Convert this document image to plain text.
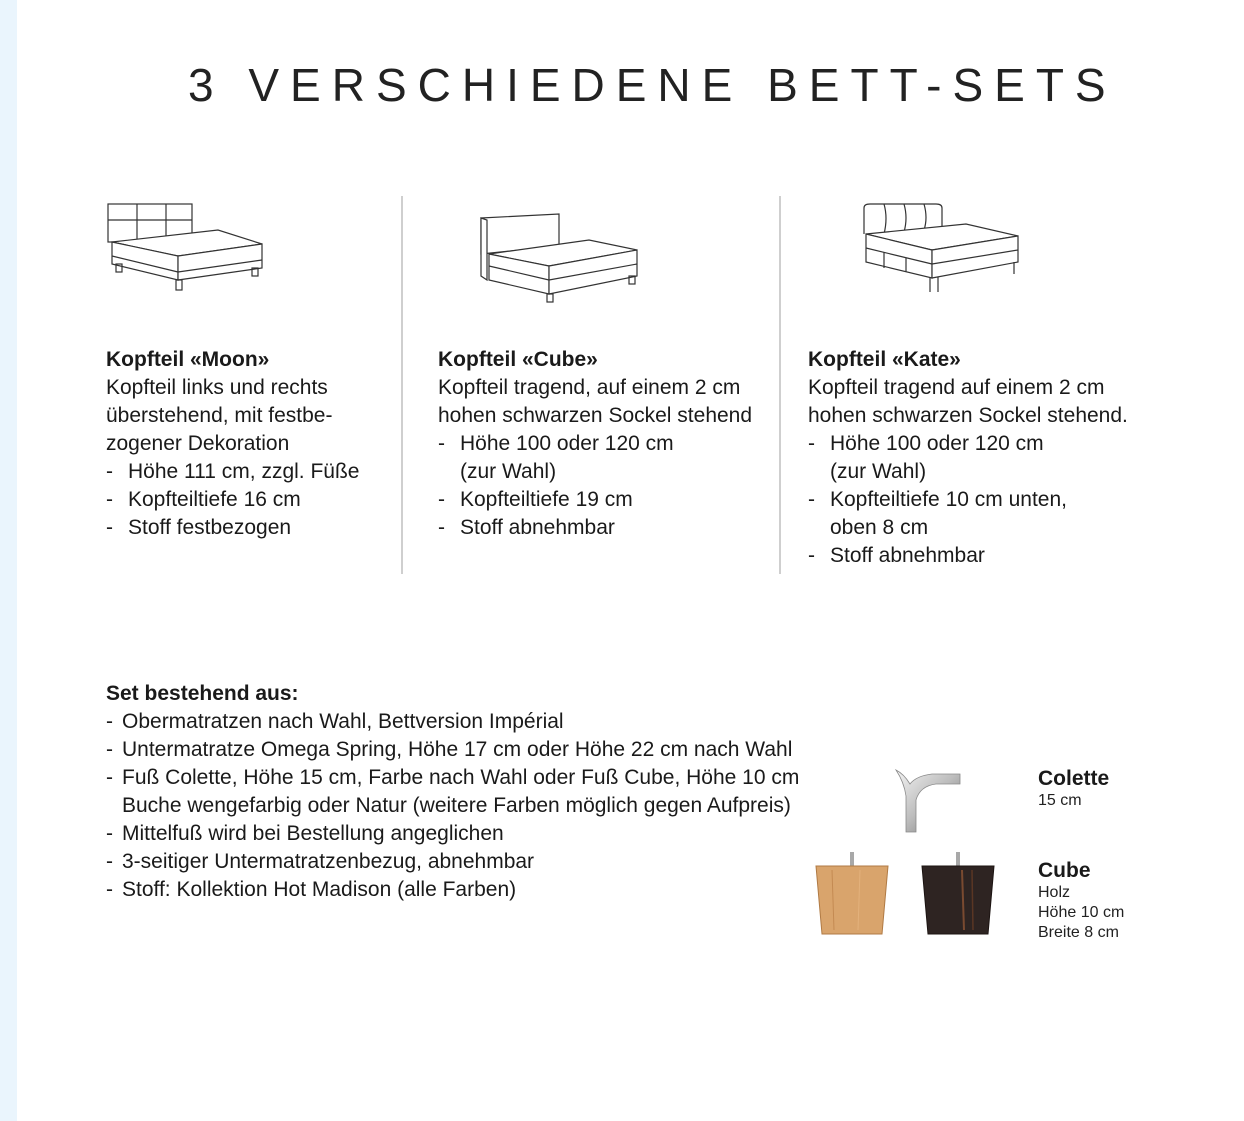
3 VERSCHIEDENE BETT-SETS
Kopfteil «Moon»

Kopfteil links und rechts

überstehend, mit festbe-

zogener Dekoration

- Höhe 111 cm, zzgl. Füße
- Kopfteiltiefe 16 cm
- Stoff festbezogen
Kopfteil «Cube»

Kopfteil tragend, auf einem 2 cm

hohen schwarzen Sockel stehend

- Höhe 100 oder 120 cm
(zur Wahl)
- Kopfteiltiefe 19 cm
- Stoff abnehmbar
Kopfteil «Kate»

Kopfteil tragend auf einem 2 cm

hohen schwarzen Sockel stehend.

- Höhe 100 oder 120 cm
(zur Wahl)
- Kopfteiltiefe 10 cm unten,
oben 8 cm
- Stoff abnehmbar
Set bestehend aus:
- Obermatratzen nach Wahl, Bettversion Impérial
- Untermatratze Omega Spring, Höhe 17 cm oder Höhe 22 cm nach Wahl
- Fuß Colette, Höhe 15 cm, Farbe nach Wahl oder Fuß Cube, Höhe 10 cm
Buche wengefarbig oder Natur (weitere Farben möglich gegen Aufpreis)
- Mittelfuß wird bei Bestellung angeglichen
- 3-seitiger Untermatratzenbezug, abnehmbar
- Stoff: Kollektion Hot Madison (alle Farben)
Colette
15 cm
Cube
Holz
Höhe 10 cm
Breite 8 cm
